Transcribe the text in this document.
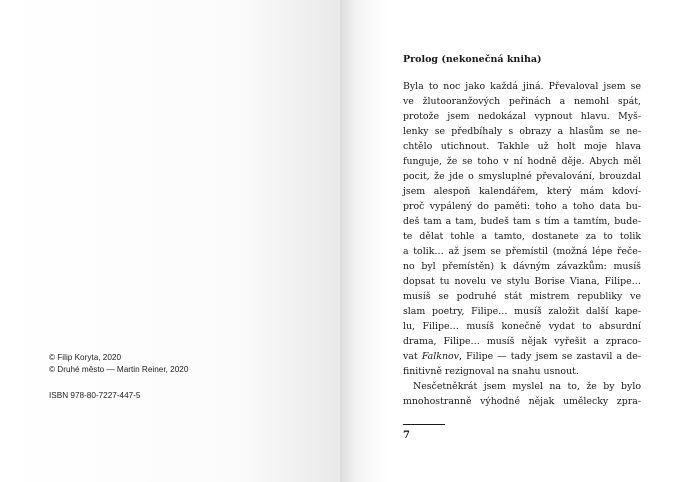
© Filip Koryta, 2020
© Druhé město — Martin Reiner, 2020
ISBN 978-80-7227-447-5
Prolog (nekonečná kniha)
Byla to noc jako každá jiná. Převaloval jsem se
ve žlutooranžových peřinách a nemohl spát,
protože jsem nedokázal vypnout hlavu. Myš-
lenky se předbíhaly s obrazy a hlasům se ne-
chtělo utichnout. Takhle už holt moje hlava
funguje, že se toho v ní hodně děje. Abych měl
pocit, že jde o smysluplné převalování, brouzdal
jsem alespoň kalendářem, který mám kdoví-
proč vypálený do paměti: toho a toho data bu-
deš tam a tam, budeš tam s tím a tamtím, bude-
te dělat tohle a tamto, dostanete za to tolik
a tolik… až jsem se přemístil (možná lépe řeče-
no byl přemístěn) k dávným závazkům: musíš
dopsat tu novelu ve stylu Borise Viana, Filipe…
musíš se podruhé stát mistrem republiky ve
slam poetry, Filipe… musíš založit další kape-
lu, Filipe… musíš konečně vydat to absurdní
drama, Filipe… musíš nějak vyřešit a zpraco-
vat Falknov, Filipe — tady jsem se zastavil a de-
finitivně rezignoval na snahu usnout.
Nesčetněkrát jsem myslel na to, že by bylo
mnohostranně výhodné nějak umělecky zpra-
7
